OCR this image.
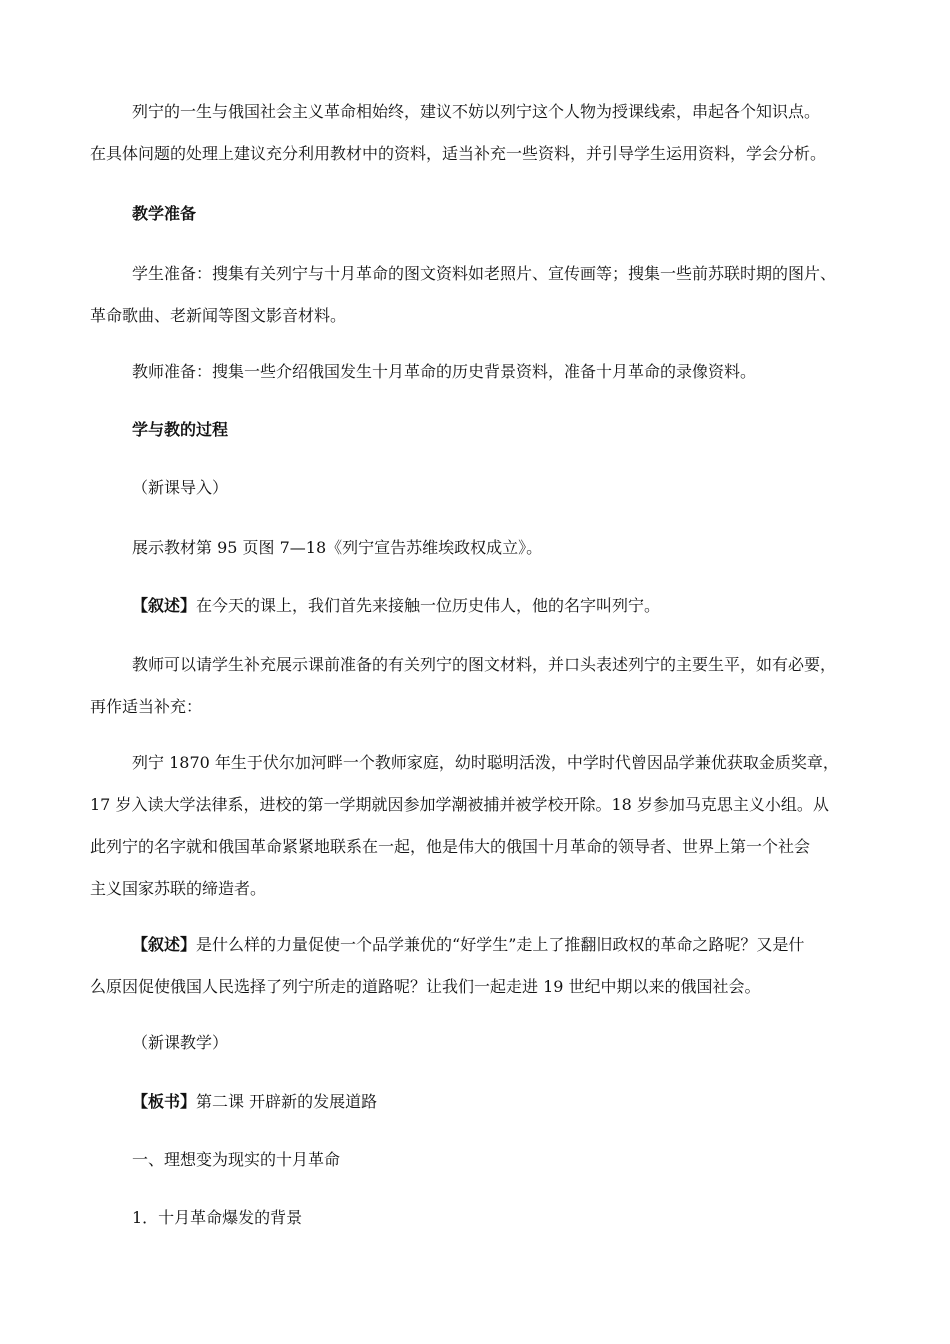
列宁的一生与俄国社会主义革命相始终，建议不妨以列宁这个人物为授课线索，串起各个知识点。
在具体问题的处理上建议充分利用教材中的资料，适当补充一些资料，并引导学生运用资料，学会分析。

教学准备

学生准备：搜集有关列宁与十月革命的图文资料如老照片、宣传画等；搜集一些前苏联时期的图片、
革命歌曲、老新闻等图文影音材料。

教师准备：搜集一些介绍俄国发生十月革命的历史背景资料，准备十月革命的录像资料。

学与教的过程

（新课导入）

展示教材第 95 页图 7—18《列宁宣告苏维埃政权成立》。

【叙述】在今天的课上，我们首先来接触一位历史伟人，他的名字叫列宁。

教师可以请学生补充展示课前准备的有关列宁的图文材料，并口头表述列宁的主要生平，如有必要，
再作适当补充：

列宁 1870 年生于伏尔加河畔一个教师家庭，幼时聪明活泼，中学时代曾因品学兼优获取金质奖章，
17 岁入读大学法律系，进校的第一学期就因参加学潮被捕并被学校开除。18 岁参加马克思主义小组。从
此列宁的名字就和俄国革命紧紧地联系在一起，他是伟大的俄国十月革命的领导者、世界上第一个社会
主义国家苏联的缔造者。

【叙述】是什么样的力量促使一个品学兼优的“好学生”走上了推翻旧政权的革命之路呢？又是什
么原因促使俄国人民选择了列宁所走的道路呢？让我们一起走进 19 世纪中期以来的俄国社会。

（新课教学）

【板书】第二课 开辟新的发展道路

一、理想变为现实的十月革命

1．十月革命爆发的背景
